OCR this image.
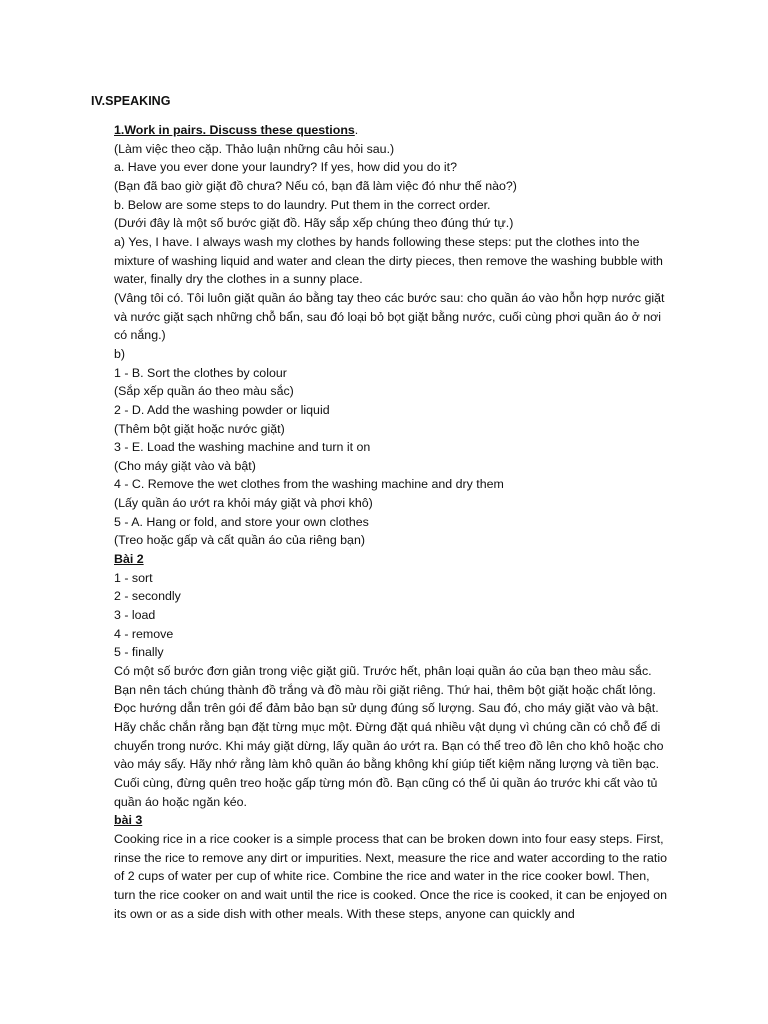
IV.SPEAKING

1.Work in pairs. Discuss these questions.

(Làm việc theo cặp. Thảo luận những câu hỏi sau.)

a. Have you ever done your laundry? If yes, how did you do it?

(Bạn đã bao giờ giặt đồ chưa? Nếu có, bạn đã làm việc đó như thế nào?)

b. Below are some steps to do laundry. Put them in the correct order.

(Dưới đây là một số bước giặt đồ. Hãy sắp xếp chúng theo đúng thứ tự.)

a) Yes, I have. I always wash my clothes by hands following these steps: put the clothes into the mixture of washing liquid and water and clean the dirty pieces, then remove the washing bubble with water, finally dry the clothes in a sunny place.

(Vâng tôi có. Tôi luôn giặt quần áo bằng tay theo các bước sau: cho quần áo vào hỗn hợp nước giặt và nước giặt sạch những chỗ bẩn, sau đó loại bỏ bọt giặt bằng nước, cuối cùng phơi quần áo ở nơi có nắng.)

b)

1 - B. Sort the clothes by colour

(Sắp xếp quần áo theo màu sắc)

2 - D. Add the washing powder or liquid

(Thêm bột giặt hoặc nước giặt)

3 - E. Load the washing machine and turn it on

(Cho máy giặt vào và bật)

4 - C. Remove the wet clothes from the washing machine and dry them

(Lấy quần áo ướt ra khỏi máy giặt và phơi khô)

5 - A. Hang or fold, and store your own clothes

(Treo hoặc gấp và cất quần áo của riêng bạn)

Bài 2

1 - sort

2 - secondly

3 - load

4 - remove

5 - finally

Có một số bước đơn giản trong việc giặt giũ. Trước hết, phân loại quần áo của bạn theo màu sắc. Bạn nên tách chúng thành đồ trắng và đồ màu rồi giặt riêng. Thứ hai, thêm bột giặt hoặc chất lỏng. Đọc hướng dẫn trên gói để đảm bảo bạn sử dụng đúng số lượng. Sau đó, cho máy giặt vào và bật. Hãy chắc chắn rằng bạn đặt từng mục một. Đừng đặt quá nhiều vật dụng vì chúng cần có chỗ để di chuyển trong nước. Khi máy giặt dừng, lấy quần áo ướt ra. Bạn có thể treo đồ lên cho khô hoặc cho vào máy sấy. Hãy nhớ rằng làm khô quần áo bằng không khí giúp tiết kiệm năng lượng và tiền bạc. Cuối cùng, đừng quên treo hoặc gấp từng món đồ. Bạn cũng có thể ủi quần áo trước khi cất vào tủ quần áo hoặc ngăn kéo.

bài 3

Cooking rice in a rice cooker is a simple process that can be broken down into four easy steps. First, rinse the rice to remove any dirt or impurities. Next, measure the rice and water according to the ratio of 2 cups of water per cup of white rice. Combine the rice and water in the rice cooker bowl. Then, turn the rice cooker on and wait until the rice is cooked. Once the rice is cooked, it can be enjoyed on its own or as a side dish with other meals. With these steps, anyone can quickly and
